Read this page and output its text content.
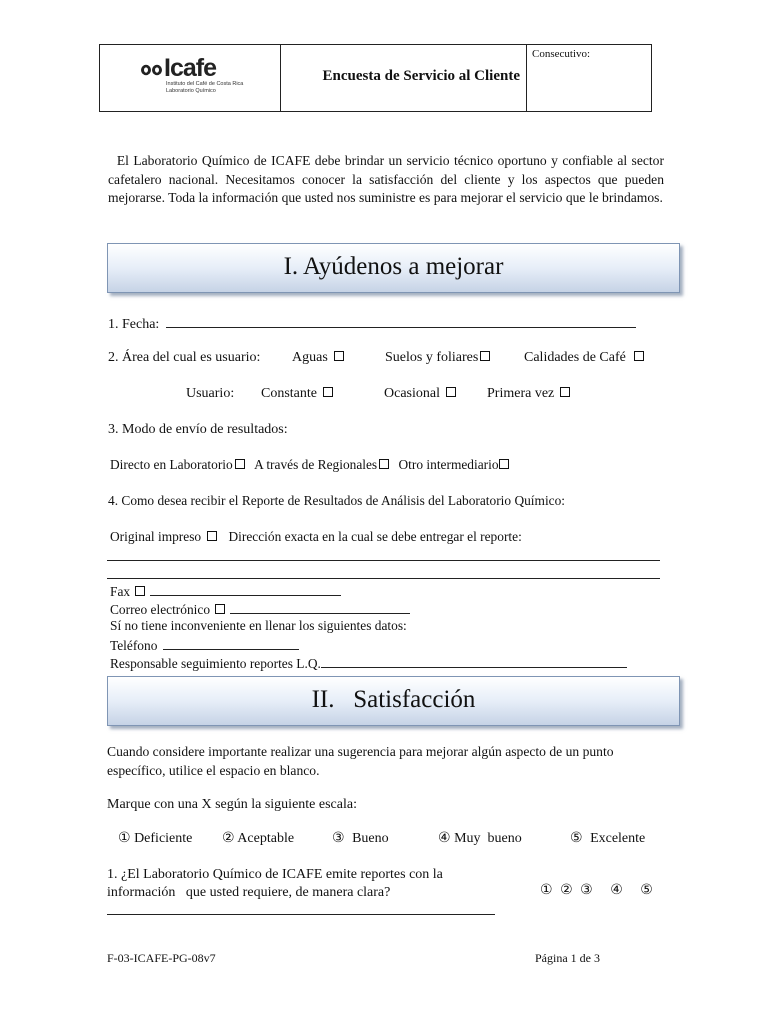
Icafe
Instituto del Café de Costa Rica
Laboratorio Químico
Encuesta de Servicio al Cliente
Consecutivo:
El Laboratorio Químico de ICAFE debe brindar un servicio técnico oportuno y confiable al sector cafetalero nacional. Necesitamos conocer la satisfacción del cliente y los aspectos que pueden mejorarse. Toda la información que usted nos suministre es para mejorar el servicio que le brindamos.
I. Ayúdenos a mejorar
1. Fecha:
2. Área del cual es usuario: Aguas	Suelos y foliares	Calidades de Café
Usuario: Constante	Ocasional	Primera vez
3. Modo de envío de resultados:
Directo en Laboratorio A través de Regionales Otro intermediario
4. Como desea recibir el Reporte de Resultados de Análisis del Laboratorio Químico:
Original impreso Dirección exacta en la cual se debe entregar el reporte:
Fax
Correo electrónico
Sí no tiene inconveniente en llenar los siguientes datos:
Teléfono
Responsable seguimiento reportes L.Q.
II.   Satisfacción
Cuando considere importante realizar una sugerencia para mejorar algún aspecto de un punto específico, utilice el espacio en blanco.
Marque con una X según la siguiente escala:
① Deficiente ② Aceptable	③ Bueno	④ Muy  bueno	⑤ Excelente
1. ¿El Laboratorio Químico de ICAFE emite reportes con la
información   que usted requiere, de manera clara?	① ② ③ ④ ⑤
F-03-ICAFE-PG-08v7	Página 1 de 3
